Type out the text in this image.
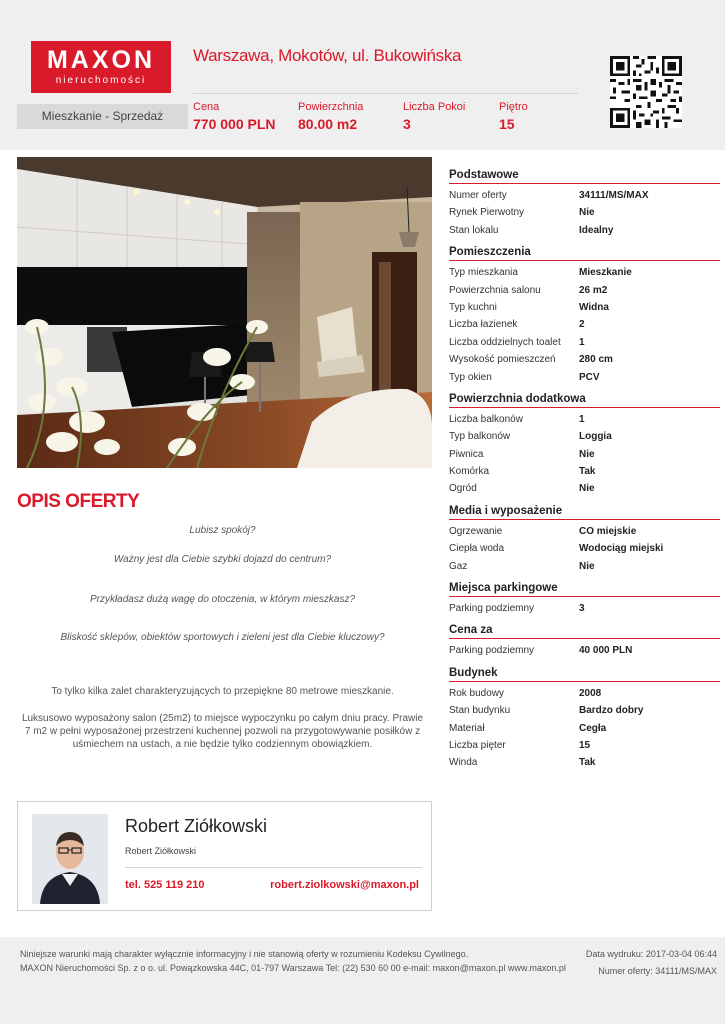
MAXON
nieruchomości
Warszawa, Mokotów, ul. Bukowińska
Mieszkanie - Sprzedaż
Cena
770 000 PLN
Powierzchnia
80.00 m2
Liczba Pokoi
3
Piętro
15
OPIS OFERTY
Lubisz spokój?
Ważny jest dla Ciebie szybki dojazd do centrum?
Przykładasz dużą wagę do otoczenia, w którym mieszkasz?
Bliskość sklepów, obiektów sportowych i zieleni jest dla Ciebie kluczowy?
To tylko kilka zalet charakteryzujących to przepiękne 80 metrowe mieszkanie.
Luksusowo wyposażony salon (25m2) to miejsce wypoczynku po całym dniu pracy. Prawie 7 m2 w pełni wyposażonej przestrzeni kuchennej pozwoli na przygotowywanie posiłków z uśmiechem na ustach, a nie będzie tylko codziennym obowiązkiem.
Robert Ziółkowski
Robert Ziółkowski
tel. 525 119 210	robert.ziolkowski@maxon.pl
Podstawowe
Numer oferty	34111/MS/MAX
Rynek Pierwotny	Nie
Stan lokalu	Idealny
Pomieszczenia
Typ mieszkania	Mieszkanie
Powierzchnia salonu	26 m2
Typ kuchni	Widna
Liczba łazienek	2
Liczba oddzielnych toalet	1
Wysokość pomieszczeń	280 cm
Typ okien	PCV
Powierzchnia dodatkowa
Liczba balkonów	1
Typ balkonów	Loggia
Piwnica	Nie
Komórka	Tak
Ogród	Nie
Media i wyposażenie
Ogrzewanie	CO miejskie
Ciepła woda	Wodociąg miejski
Gaz	Nie
Miejsca parkingowe
Parking podziemny	3
Cena za
Parking podziemny	40 000 PLN
Budynek
Rok budowy	2008
Stan budynku	Bardzo dobry
Materiał	Cegła
Liczba pięter	15
Winda	Tak
Niniejsze warunki mają charakter wyłącznie informacyjny i nie stanowią oferty w rozumieniu Kodeksu Cywilnego.
MAXON Nieruchomości Sp. z o o. ul. Powązkowska 44C, 01-797 Warszawa Tel: (22) 530 60 00 e-mail: maxon@maxon.pl www.maxon.pl
Data wydruku: 2017-03-04 06:44
Numer oferty: 34111/MS/MAX
